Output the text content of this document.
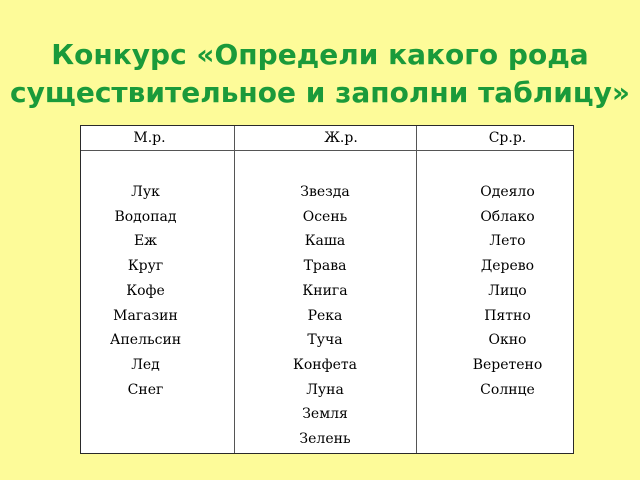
Конкурс «Определи какого рода существительное и заполни таблицу»
М.р.
Лук
Водопад
Еж
Круг
Кофе
Магазин
Апельсин
Лед
Снег
Ж.р.
Звезда
Осень
Каша
Трава
Книга
Река
Туча
Конфета
Луна
Земля
Зелень
Ср.р.
Одеяло
Облако
Лето
Дерево
Лицо
Пятно
Окно
Веретено
Солнце
